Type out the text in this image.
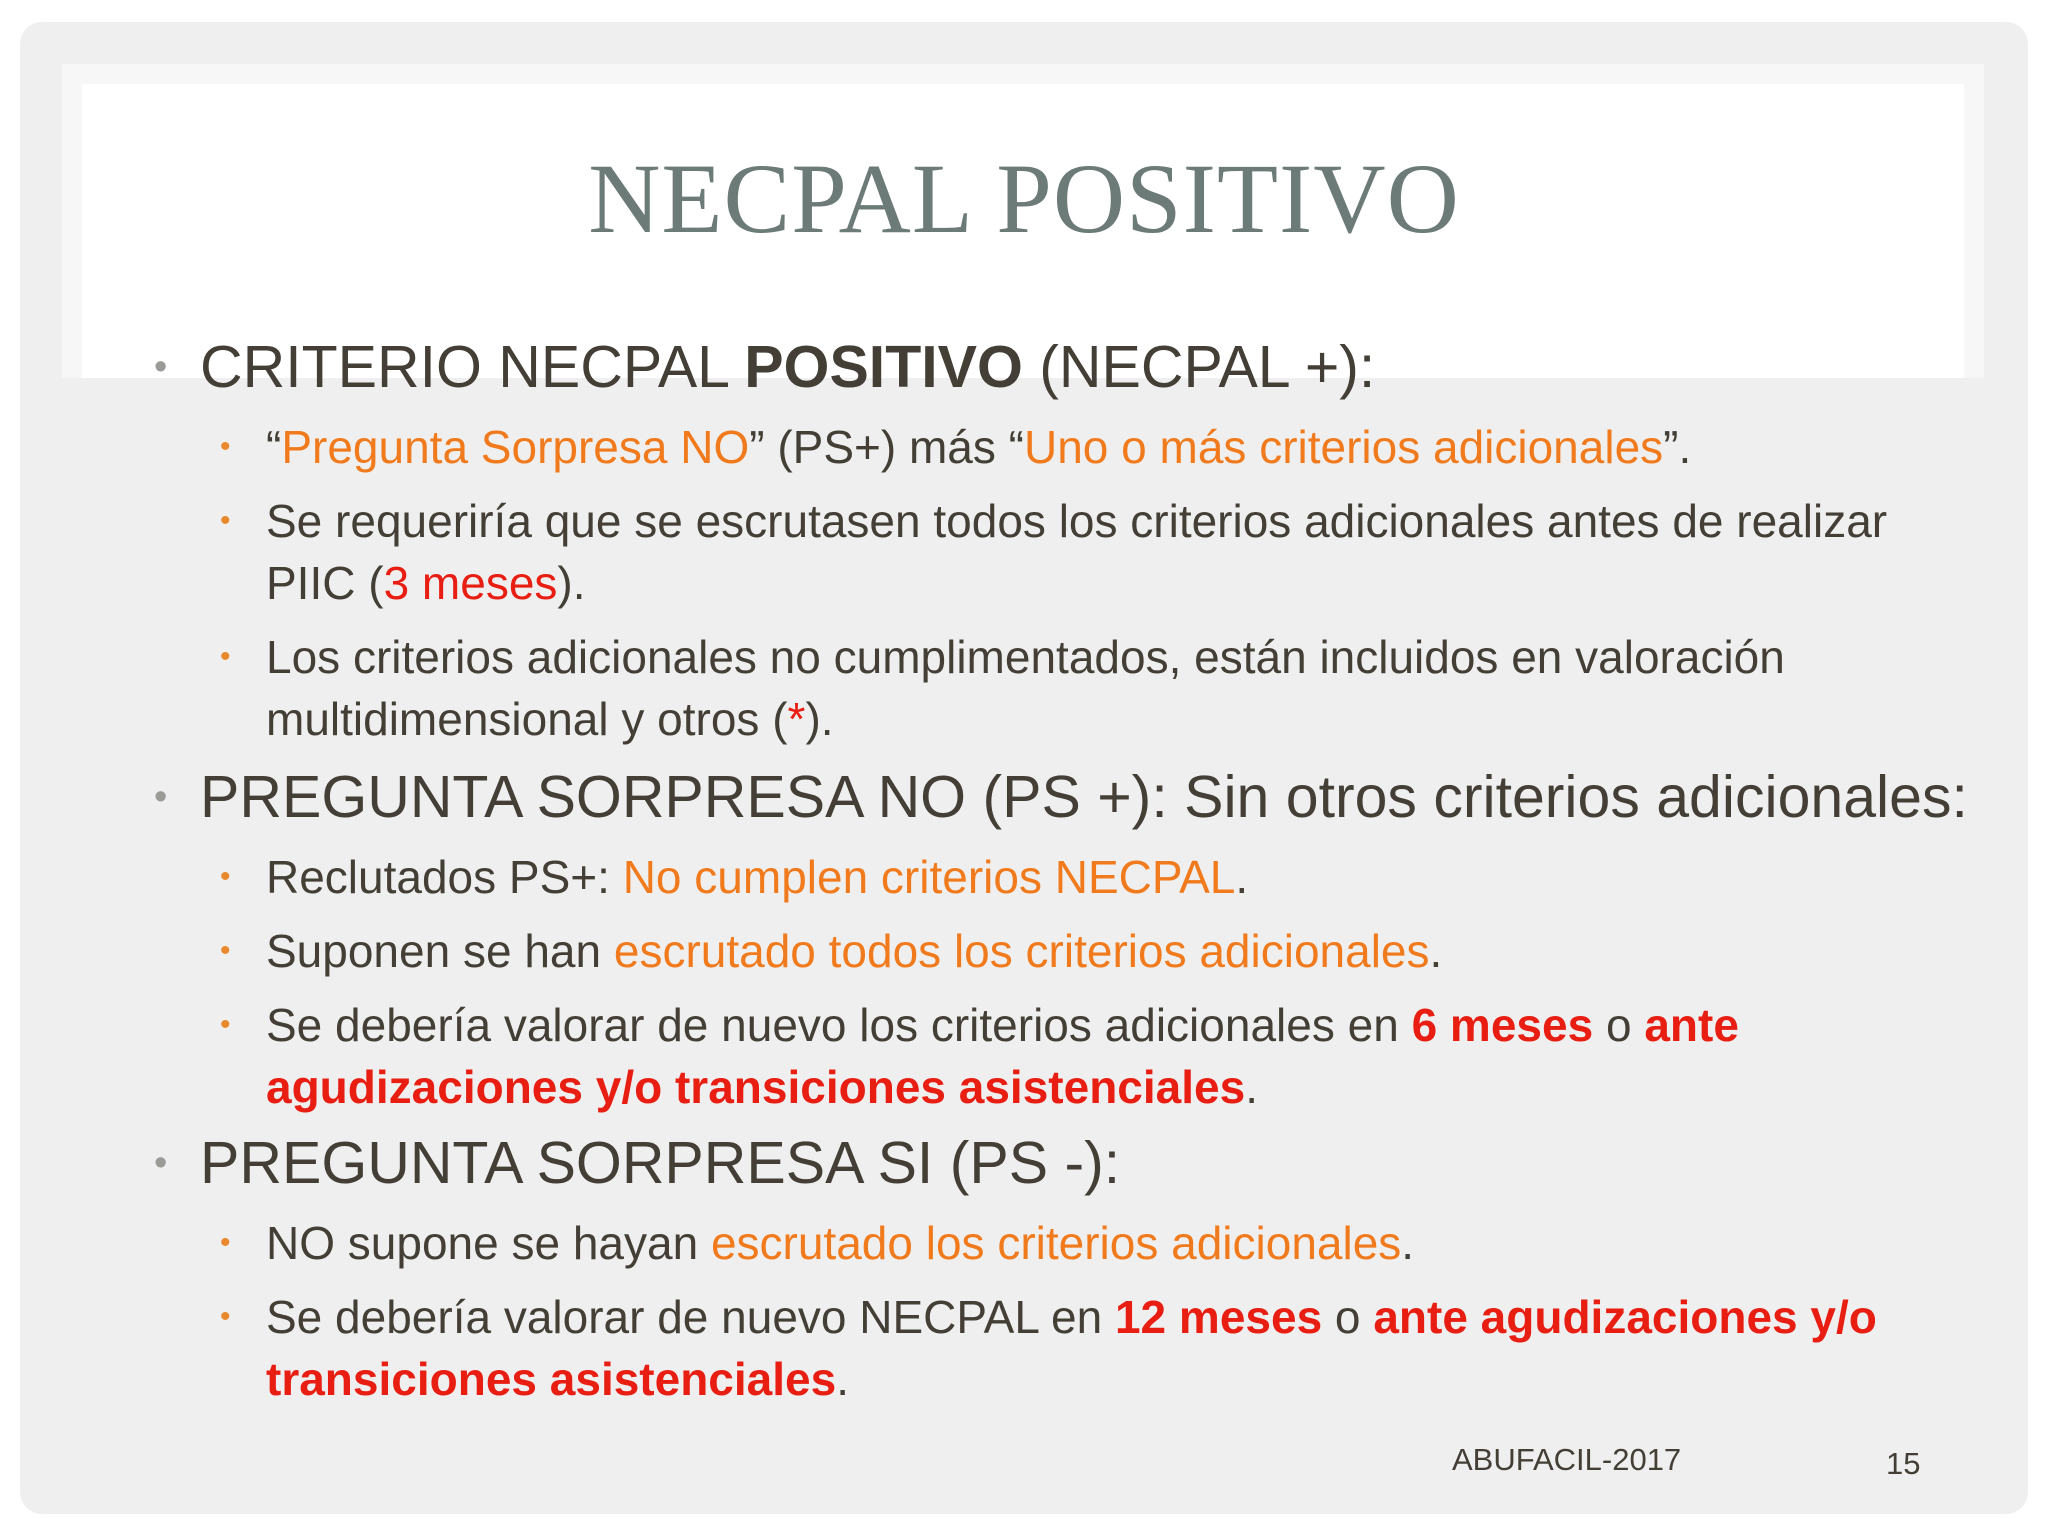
NECPAL POSITIVO
• CRITERIO NECPAL POSITIVO (NECPAL +):
• “Pregunta Sorpresa NO” (PS+) más “Uno o más criterios adicionales”.
• Se requeriría que se escrutasen todos los criterios adicionales antes de realizar PIIC (3 meses).
• Los criterios adicionales no cumplimentados, están incluidos en valoración multidimensional y otros (*).
• PREGUNTA SORPRESA NO (PS +): Sin otros criterios adicionales:
• Reclutados PS+: No cumplen criterios NECPAL.
• Suponen se han escrutado todos los criterios adicionales.
• Se debería valorar de nuevo los criterios adicionales en 6 meses o ante agudizaciones y/o transiciones asistenciales.
• PREGUNTA SORPRESA SI (PS -):
• NO supone se hayan escrutado los criterios adicionales.
• Se debería valorar de nuevo NECPAL en 12 meses o ante agudizaciones y/o transiciones asistenciales.
ABUFACIL-2017	15
